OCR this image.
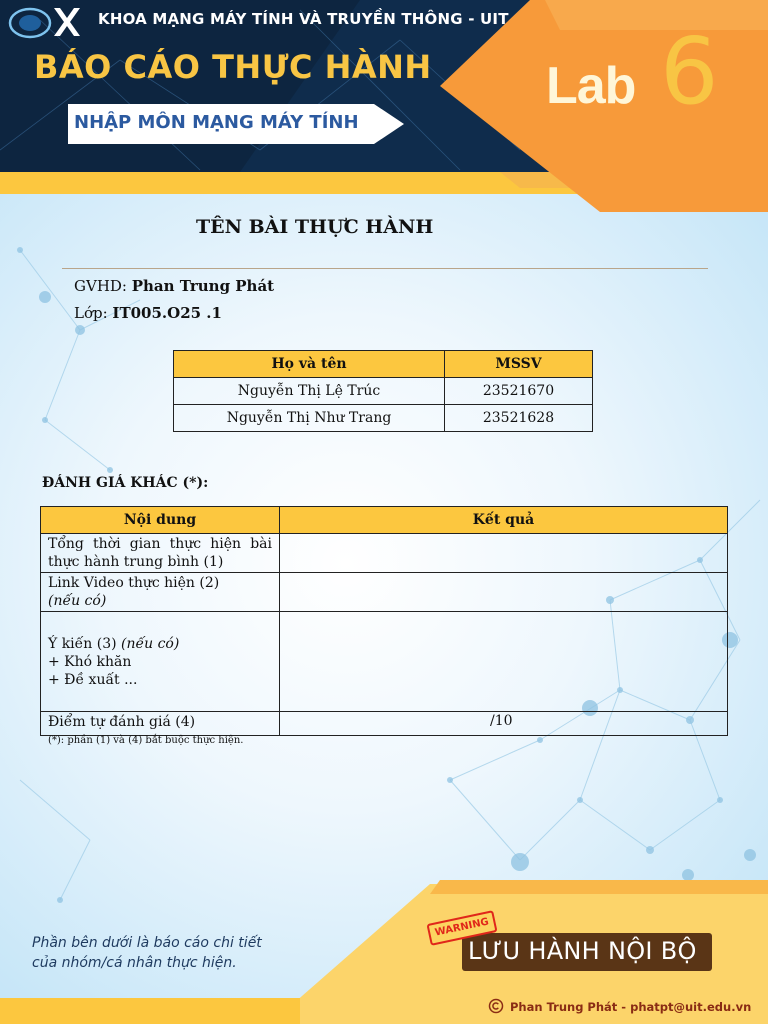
KHOA MẠNG MÁY TÍNH VÀ TRUYỀN THÔNG - UIT
BÁO CÁO THỰC HÀNH
NHẬP MÔN MẠNG MÁY TÍNH
Lab 6
TÊN BÀI THỰC HÀNH
GVHD: Phan Trung Phát
Lớp: IT005.O25 .1
Họ và tên	MSSV
Nguyễn Thị Lệ Trúc	23521670
Nguyễn Thị Như Trang	23521628
ĐÁNH GIÁ KHÁC (*):
Nội dung	Kết quả
Tổng thời gian thực hiện bài thực hành trung bình (1)	

Link Video thực hiện (2)
(nếu có)	

Ý kiến (3) (nếu có)
+ Khó khăn
+ Đề xuất ...	

Điểm tự đánh giá (4)	/10
(*): phần (1) và (4) bắt buộc thực hiện.
Phần bên dưới là báo cáo chi tiết
của nhóm/cá nhân thực hiện.	LƯU HÀNH NỘI BỘ
WARNING
Phan Trung Phát - phatpt@uit.edu.vn
